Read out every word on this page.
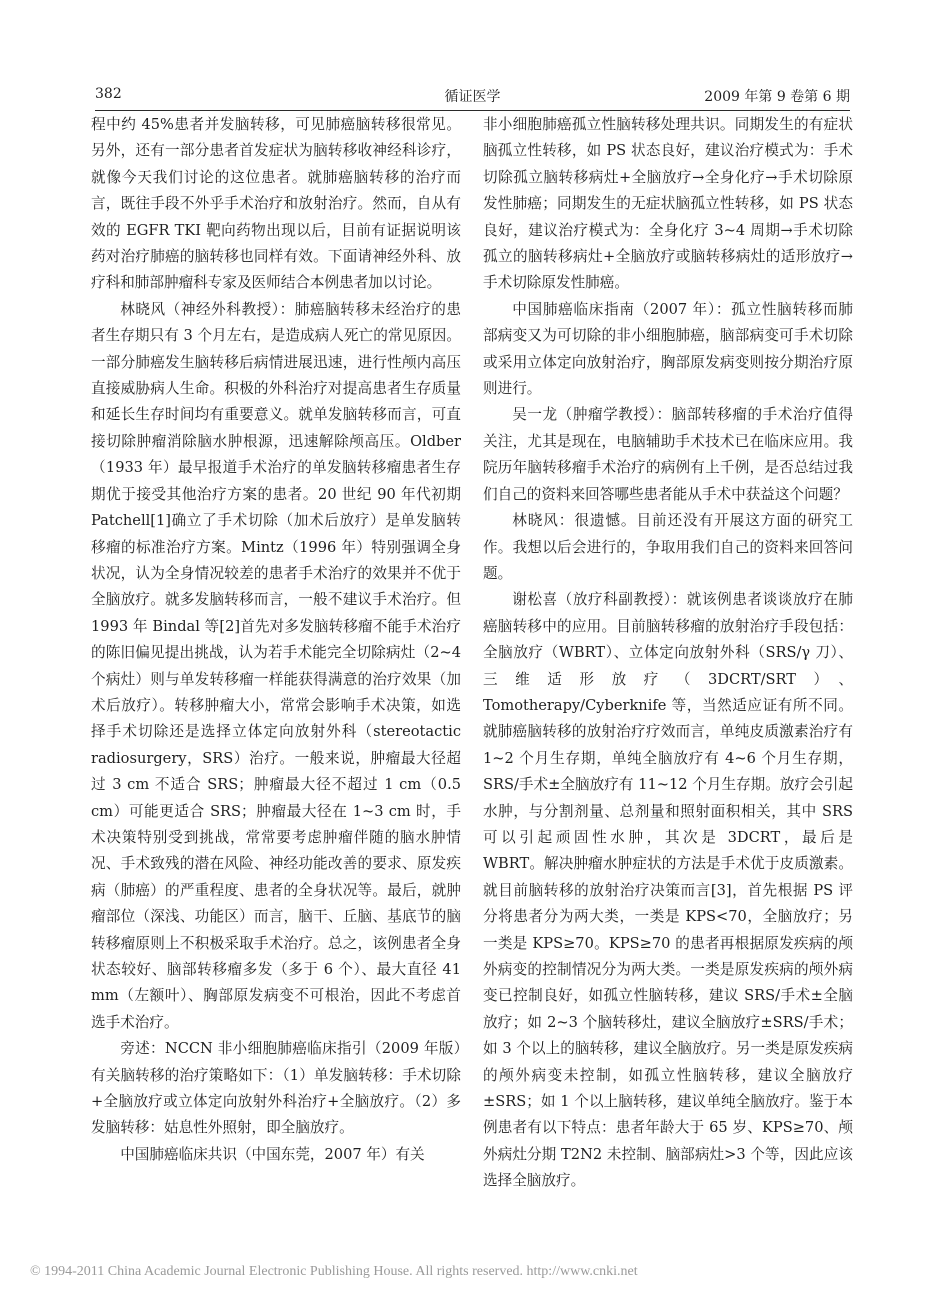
382	循证医学	2009 年第 9 卷第 6 期

程中约 45%患者并发脑转移，可见肺癌脑转移很常见。另外，还有一部分患者首发症状为脑转移收神经科诊疗，就像今天我们讨论的这位患者。就肺癌脑转移的治疗而言，既往手段不外乎手术治疗和放射治疗。然而，自从有效的 EGFR TKI 靶向药物出现以后，目前有证据说明该药对治疗肺癌的脑转移也同样有效。下面请神经外科、放疗科和肺部肿瘤科专家及医师结合本例患者加以讨论。

林晓风（神经外科教授）：肺癌脑转移未经治疗的患者生存期只有 3 个月左右，是造成病人死亡的常见原因。一部分肺癌发生脑转移后病情进展迅速，进行性颅内高压直接威胁病人生命。积极的外科治疗对提高患者生存质量和延长生存时间均有重要意义。就单发脑转移而言，可直接切除肿瘤消除脑水肿根源，迅速解除颅高压。Oldber（1933 年）最早报道手术治疗的单发脑转移瘤患者生存期优于接受其他治疗方案的患者。20 世纪 90 年代初期 Patchell[1]确立了手术切除（加术后放疗）是单发脑转移瘤的标准治疗方案。Mintz（1996 年）特别强调全身状况，认为全身情况较差的患者手术治疗的效果并不优于全脑放疗。就多发脑转移而言，一般不建议手术治疗。但 1993 年 Bindal 等[2]首先对多发脑转移瘤不能手术治疗的陈旧偏见提出挑战，认为若手术能完全切除病灶（2~4 个病灶）则与单发转移瘤一样能获得满意的治疗效果（加术后放疗）。转移肿瘤大小，常常会影响手术决策，如选择手术切除还是选择立体定向放射外科（stereotactic radiosurgery，SRS）治疗。一般来说，肿瘤最大径超过 3 cm 不适合 SRS；肿瘤最大径不超过 1 cm（0.5 cm）可能更适合 SRS；肿瘤最大径在 1~3 cm 时，手术决策特别受到挑战，常常要考虑肿瘤伴随的脑水肿情况、手术致残的潜在风险、神经功能改善的要求、原发疾病（肺癌）的严重程度、患者的全身状况等。最后，就肿瘤部位（深浅、功能区）而言，脑干、丘脑、基底节的脑转移瘤原则上不积极采取手术治疗。总之，该例患者全身状态较好、脑部转移瘤多发（多于 6 个）、最大直径 41 mm（左额叶）、胸部原发病变不可根治，因此不考虑首选手术治疗。

旁述：NCCN 非小细胞肺癌临床指引（2009 年版）有关脑转移的治疗策略如下：（1）单发脑转移：手术切除+全脑放疗或立体定向放射外科治疗+全脑放疗。（2）多发脑转移：姑息性外照射，即全脑放疗。

中国肺癌临床共识（中国东莞，2007 年）有关

非小细胞肺癌孤立性脑转移处理共识。同期发生的有症状脑孤立性转移，如 PS 状态良好，建议治疗模式为：手术切除孤立脑转移病灶+全脑放疗→全身化疗→手术切除原发性肺癌；同期发生的无症状脑孤立性转移，如 PS 状态良好，建议治疗模式为：全身化疗 3~4 周期→手术切除孤立的脑转移病灶+全脑放疗或脑转移病灶的适形放疗→手术切除原发性肺癌。

中国肺癌临床指南（2007 年）：孤立性脑转移而肺部病变又为可切除的非小细胞肺癌，脑部病变可手术切除或采用立体定向放射治疗，胸部原发病变则按分期治疗原则进行。

吴一龙（肿瘤学教授）：脑部转移瘤的手术治疗值得关注，尤其是现在，电脑辅助手术技术已在临床应用。我院历年脑转移瘤手术治疗的病例有上千例，是否总结过我们自己的资料来回答哪些患者能从手术中获益这个问题？

林晓风：很遗憾。目前还没有开展这方面的研究工作。我想以后会进行的，争取用我们自己的资料来回答问题。

谢松喜（放疗科副教授）：就该例患者谈谈放疗在肺癌脑转移中的应用。目前脑转移瘤的放射治疗手段包括：全脑放疗（WBRT）、立体定向放射外科（SRS/γ 刀）、三维适形放疗（3DCRT/SRT）、Tomotherapy/Cyberknife 等，当然适应证有所不同。就肺癌脑转移的放射治疗疗效而言，单纯皮质激素治疗有 1~2 个月生存期，单纯全脑放疗有 4~6 个月生存期，SRS/手术±全脑放疗有 11~12 个月生存期。放疗会引起水肿，与分割剂量、总剂量和照射面积相关，其中 SRS 可以引起顽固性水肿，其次是 3DCRT，最后是 WBRT。解决肿瘤水肿症状的方法是手术优于皮质激素。就目前脑转移的放射治疗决策而言[3]，首先根据 PS 评分将患者分为两大类，一类是 KPS<70，全脑放疗；另一类是 KPS≥70。KPS≥70 的患者再根据原发疾病的颅外病变的控制情况分为两大类。一类是原发疾病的颅外病变已控制良好，如孤立性脑转移，建议 SRS/手术±全脑放疗；如 2~3 个脑转移灶，建议全脑放疗±SRS/手术；如 3 个以上的脑转移，建议全脑放疗。另一类是原发疾病的颅外病变未控制，如孤立性脑转移，建议全脑放疗±SRS；如 1 个以上脑转移，建议单纯全脑放疗。鉴于本例患者有以下特点：患者年龄大于 65 岁、KPS≥70、颅外病灶分期 T2N2 未控制、脑部病灶>3 个等，因此应该选择全脑放疗。

© 1994-2011 China Academic Journal Electronic Publishing House. All rights reserved. http://www.cnki.net
